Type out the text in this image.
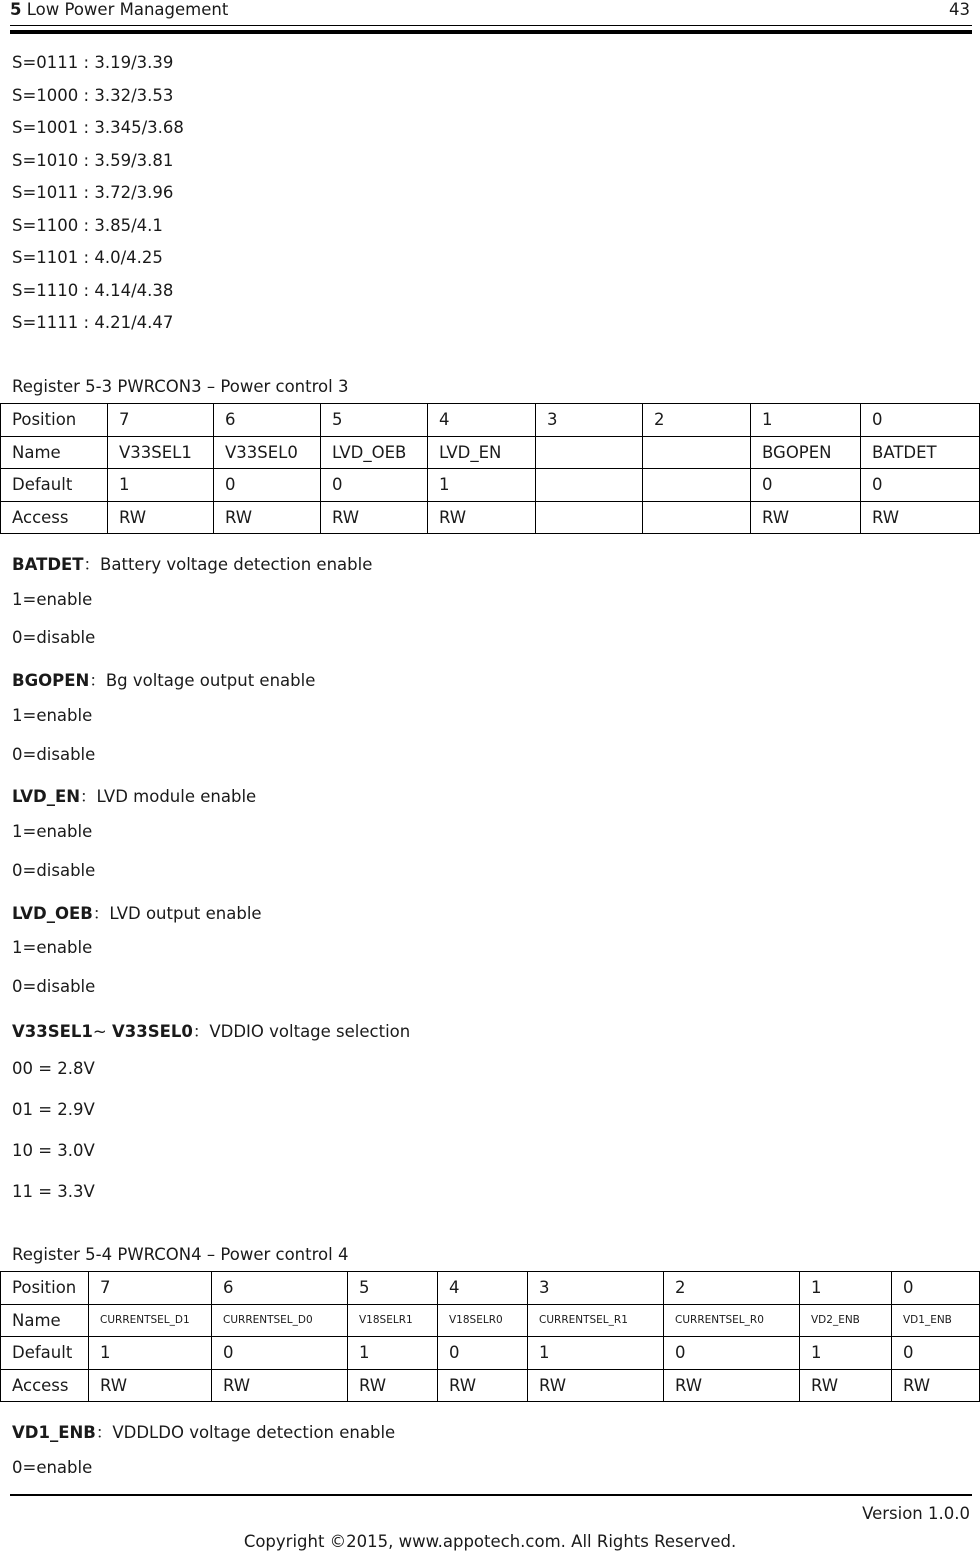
5 Low Power Management	43
S=0111 : 3.19/3.39
S=1000 : 3.32/3.53
S=1001 : 3.345/3.68
S=1010 : 3.59/3.81
S=1011 : 3.72/3.96
S=1100 : 3.85/4.1
S=1101 : 4.0/4.25
S=1110 : 4.14/4.38
S=1111 : 4.21/4.47
Register 5-3 PWRCON3 – Power control 3
Position	7	6	5	4	3	2	1	0
Name	V33SEL1	V33SEL0	LVD_OEB	LVD_EN			BGOPEN	BATDET
Default	1	0	0	1			0	0
Access	RW	RW	RW	RW			RW	RW
BATDET：Battery voltage detection enable
1=enable
0=disable
BGOPEN：Bg voltage output enable
1=enable
0=disable
LVD_EN：LVD module enable
1=enable
0=disable
LVD_OEB：LVD output enable
1=enable
0=disable
V33SEL1~ V33SEL0：VDDIO voltage selection
00 = 2.8V
01 = 2.9V
10 = 3.0V
11 = 3.3V
Register 5-4 PWRCON4 – Power control 4
Position	7	6	5	4	3	2	1	0
Name	CURRENTSEL_D1	CURRENTSEL_D0	V18SELR1	V18SELR0	CURRENTSEL_R1	CURRENTSEL_R0	VD2_ENB	VD1_ENB
Default	1	0	1	0	1	0	1	0
Access	RW	RW	RW	RW	RW	RW	RW	RW
VD1_ENB：VDDLDO voltage detection enable
0=enable
Version 1.0.0
Copyright ©2015, www.appotech.com. All Rights Reserved.
